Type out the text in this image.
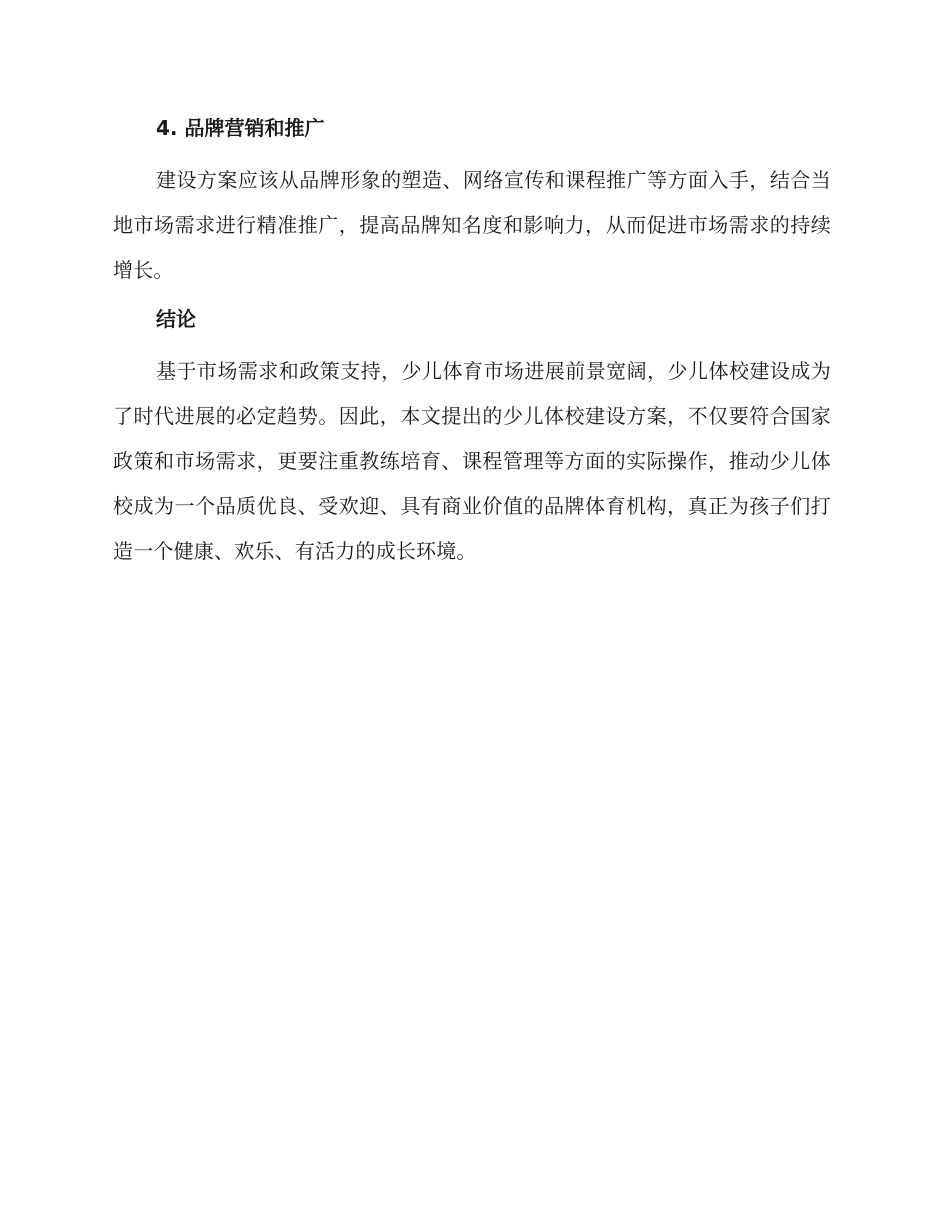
4. 品牌营销和推广

建设方案应该从品牌形象的塑造、网络宣传和课程推广等方面入手，结合当地市场需求进行精准推广，提高品牌知名度和影响力，从而促进市场需求的持续增长。

结论

基于市场需求和政策支持，少儿体育市场进展前景宽阔，少儿体校建设成为了时代进展的必定趋势。因此，本文提出的少儿体校建设方案，不仅要符合国家政策和市场需求，更要注重教练培育、课程管理等方面的实际操作，推动少儿体校成为一个品质优良、受欢迎、具有商业价值的品牌体育机构，真正为孩子们打造一个健康、欢乐、有活力的成长环境。
